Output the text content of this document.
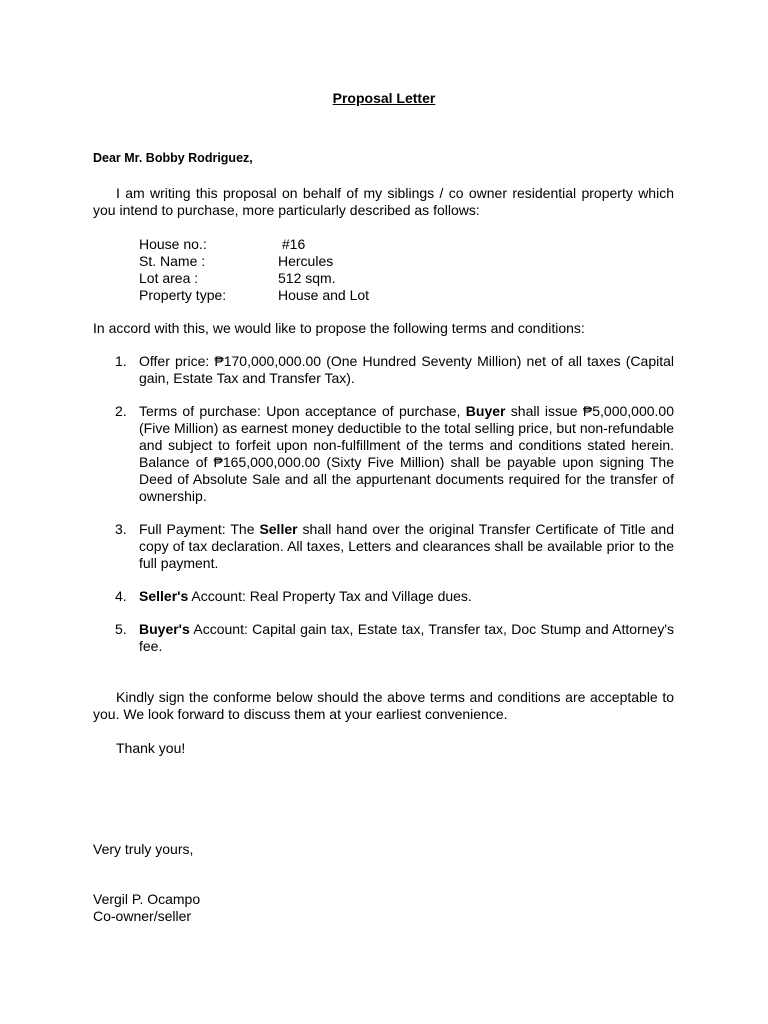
Proposal Letter
Dear Mr. Bobby Rodriguez,
I am writing this proposal on behalf of my siblings / co owner residential property which you intend to purchase, more particularly described as follows:
House no.:	#16
St. Name :	Hercules
Lot area :	512 sqm.
Property type:	House and Lot
In accord with this, we would like to propose the following terms and conditions:
1. Offer price: ₱170,000,000.00 (One Hundred Seventy Million) net of all taxes (Capital gain, Estate Tax and Transfer Tax).
2. Terms of purchase: Upon acceptance of purchase, Buyer shall issue ₱5,000,000.00 (Five Million) as earnest money deductible to the total selling price, but non-refundable and subject to forfeit upon non-fulfillment of the terms and conditions stated herein. Balance of ₱165,000,000.00 (Sixty Five Million) shall be payable upon signing The Deed of Absolute Sale and all the appurtenant documents required for the transfer of ownership.
3. Full Payment: The Seller shall hand over the original Transfer Certificate of Title and copy of tax declaration. All taxes, Letters and clearances shall be available prior to the full payment.
4. Seller's Account: Real Property Tax and Village dues.
5. Buyer's Account: Capital gain tax, Estate tax, Transfer tax, Doc Stump and Attorney's fee.
Kindly sign the conforme below should the above terms and conditions are acceptable to you. We look forward to discuss them at your earliest convenience.
Thank you!
Very truly yours,
Vergil P. Ocampo
Co-owner/seller
